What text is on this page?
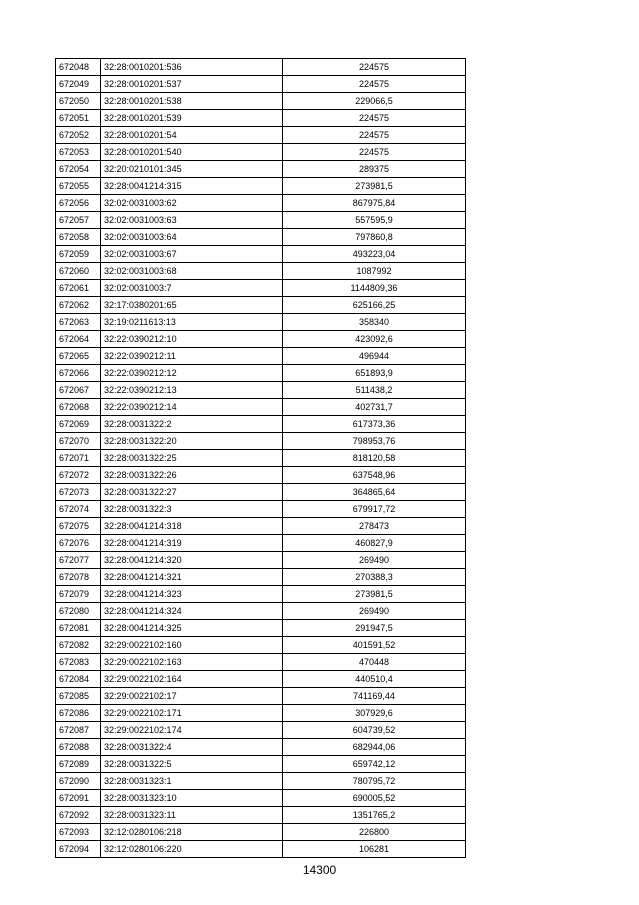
672048	32:28:0010201:536	224575
672049	32:28:0010201:537	224575
672050	32:28:0010201:538	229066,5
672051	32:28:0010201:539	224575
672052	32:28:0010201:54	224575
672053	32:28:0010201:540	224575
672054	32:20:0210101:345	289375
672055	32:28:0041214:315	273981,5
672056	32:02:0031003:62	867975,84
672057	32:02:0031003:63	557595,9
672058	32:02:0031003:64	797860,8
672059	32:02:0031003:67	493223,04
672060	32:02:0031003:68	1087992
672061	32:02:0031003:7	1144809,36
672062	32:17:0380201:65	625166,25
672063	32:19:0211613:13	358340
672064	32:22:0390212:10	423092,6
672065	32:22:0390212:11	496944
672066	32:22:0390212:12	651893,9
672067	32:22:0390212:13	511438,2
672068	32:22:0390212:14	402731,7
672069	32:28:0031322:2	617373,36
672070	32:28:0031322:20	798953,76
672071	32:28:0031322:25	818120,58
672072	32:28:0031322:26	637548,96
672073	32:28:0031322:27	364865,64
672074	32:28:0031322:3	679917,72
672075	32:28:0041214:318	278473
672076	32:28:0041214:319	460827,9
672077	32:28:0041214:320	269490
672078	32:28:0041214:321	270388,3
672079	32:28:0041214:323	273981,5
672080	32:28:0041214:324	269490
672081	32:28:0041214:325	291947,5
672082	32:29:0022102:160	401591,52
672083	32:29:0022102:163	470448
672084	32:29:0022102:164	440510,4
672085	32:29:0022102:17	741169,44
672086	32:29:0022102:171	307929,6
672087	32:29:0022102:174	604739,52
672088	32:28:0031322:4	682944,06
672089	32:28:0031322:5	659742,12
672090	32:28:0031323:1	780795,72
672091	32:28:0031323:10	690005,52
672092	32:28:0031323:11	1351765,2
672093	32:12:0280106:218	226800
672094	32:12:0280106:220	106281
14300
